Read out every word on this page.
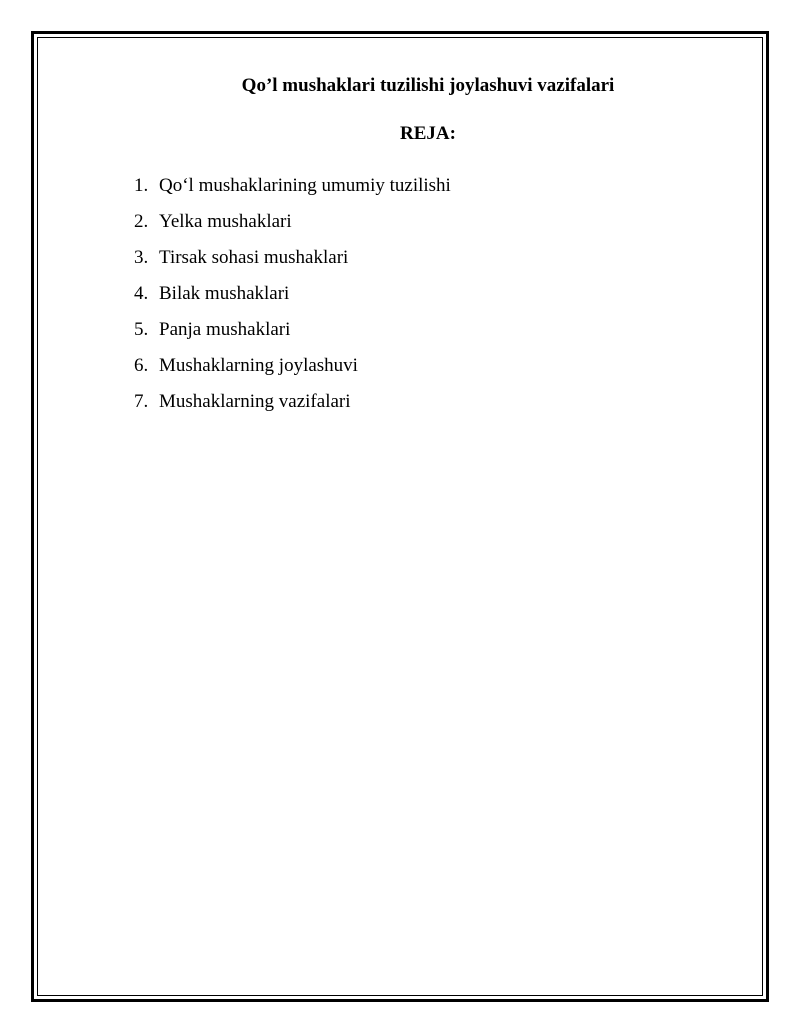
Qo’l mushaklari tuzilishi joylashuvi vazifalari
REJA:
1. Qo‘l mushaklarining umumiy tuzilishi
2. Yelka mushaklari
3. Tirsak sohasi mushaklari
4. Bilak mushaklari
5. Panja mushaklari
6. Mushaklarning joylashuvi
7. Mushaklarning vazifalari
